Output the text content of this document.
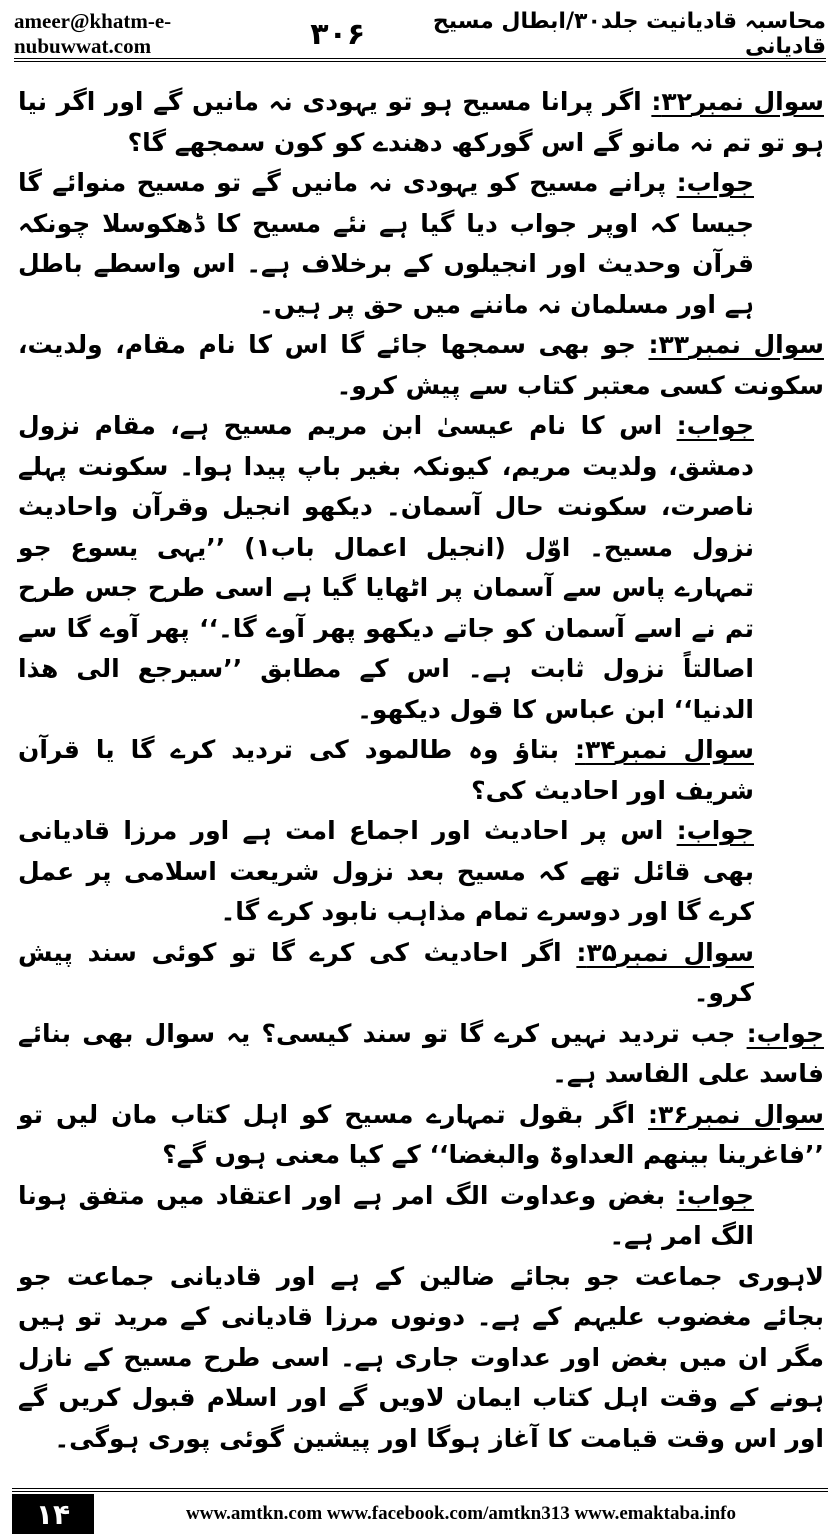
ameer@khatm-e-nubuwwat.com	۳۰۶	محاسبہ قادیانیت جلد۳۰/ابطال مسیح قادیانی

سوال نمبر۳۲: اگر پرانا مسیح ہو تو یہودی نہ مانیں گے اور اگر نیا ہو تو تم نہ مانو گے اس گورکھ دھندے کو کون سمجھے گا؟

جواب: پرانے مسیح کو یہودی نہ مانیں گے تو مسیح منوائے گا جیسا کہ اوپر جواب دیا گیا ہے نئے مسیح کا ڈھکوسلا چونکہ قرآن وحدیث اور انجیلوں کے برخلاف ہے۔ اس واسطے باطل ہے اور مسلمان نہ ماننے میں حق پر ہیں۔

سوال نمبر۳۳: جو بھی سمجھا جائے گا اس کا نام مقام، ولدیت، سکونت کسی معتبر کتاب سے پیش کرو۔

جواب: اس کا نام عیسیٰ ابن مریم مسیح ہے، مقام نزول دمشق، ولدیت مریم، کیونکہ بغیر باپ پیدا ہوا۔ سکونت پہلے ناصرت، سکونت حال آسمان۔ دیکھو انجیل وقرآن واحادیث نزول مسیح۔ اوّل (انجیل اعمال باب۱) ’’یہی یسوع جو تمہارے پاس سے آسمان پر اٹھایا گیا ہے اسی طرح جس طرح تم نے اسے آسمان کو جاتے دیکھو پھر آوے گا۔‘‘ پھر آوے گا سے اصالتاً نزول ثابت ہے۔ اس کے مطابق ’’سیرجع الی ھذا الدنیا‘‘ ابن عباس کا قول دیکھو۔

سوال نمبر۳۴: بتاؤ وہ طالمود کی تردید کرے گا یا قرآن شریف اور احادیث کی؟

جواب: اس پر احادیث اور اجماع امت ہے اور مرزا قادیانی بھی قائل تھے کہ مسیح بعد نزول شریعت اسلامی پر عمل کرے گا اور دوسرے تمام مذاہب نابود کرے گا۔

سوال نمبر۳۵: اگر احادیث کی کرے گا تو کوئی سند پیش کرو۔

جواب: جب تردید نہیں کرے گا تو سند کیسی؟ یہ سوال بھی بنائے فاسد علی الفاسد ہے۔

سوال نمبر۳۶: اگر بقول تمہارے مسیح کو اہل کتاب مان لیں تو ’’فاغرینا بینھم العداوۃ والبغضا‘‘ کے کیا معنی ہوں گے؟

جواب: بغض وعداوت الگ امر ہے اور اعتقاد میں متفق ہونا الگ امر ہے۔

لاہوری جماعت جو بجائے ضالین کے ہے اور قادیانی جماعت جو بجائے مغضوب علیہم کے ہے۔ دونوں مرزا قادیانی کے مرید تو ہیں مگر ان میں بغض اور عداوت جاری ہے۔ اسی طرح مسیح کے نازل ہونے کے وقت اہل کتاب ایمان لاویں گے اور اسلام قبول کریں گے اور اس وقت قیامت کا آغاز ہوگا اور پیشین گوئی پوری ہوگی۔

۱۴	www.amtkn.com www.facebook.com/amtkn313 www.emaktaba.info
